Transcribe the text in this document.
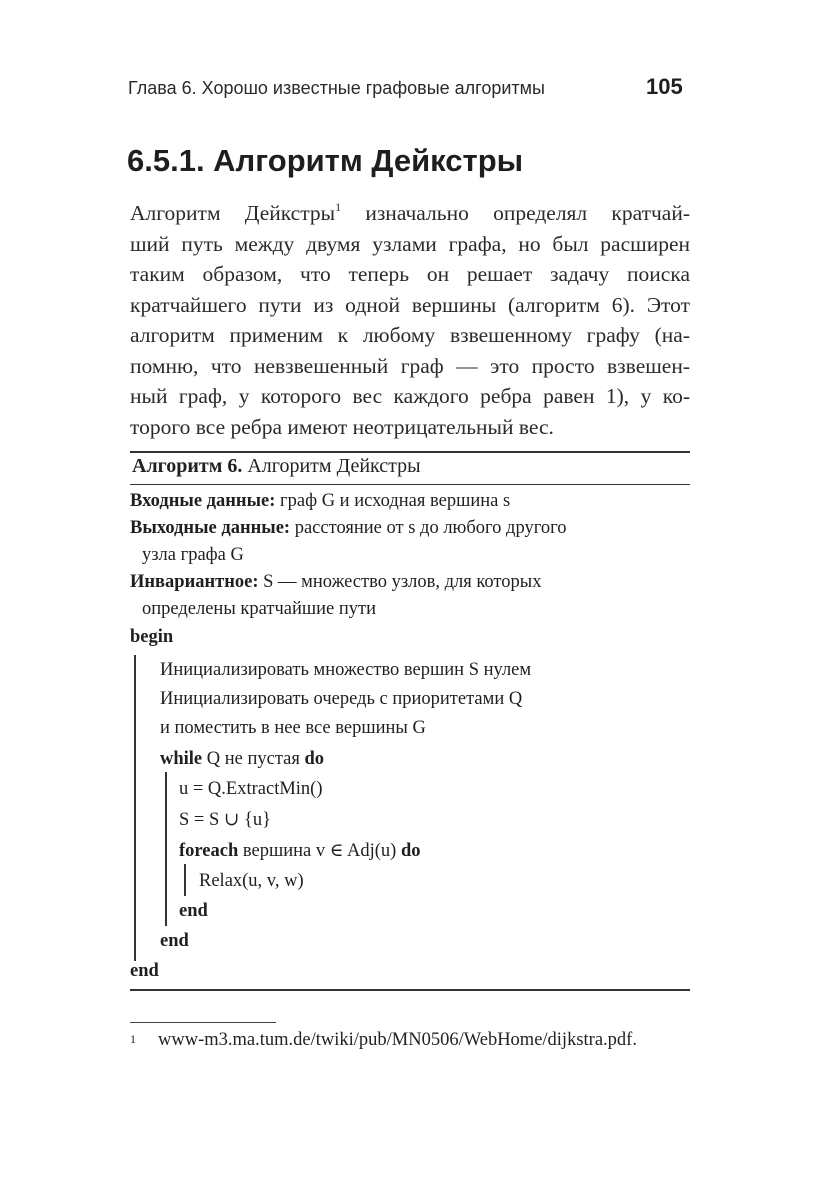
Глава 6. Хорошо известные графовые алгоритмы	105
6.5.1. Алгоритм Дейкстры
Алгоритм Дейкстры$^1$ изначально определял кратчай-
ший путь между двумя узлами графа, но был расширен
таким образом, что теперь он решает задачу поиска
кратчайшего пути из одной вершины (алгоритм 6). Этот
алгоритм применим к любому взвешенному графу (на-
помню, что невзвешенный граф — это просто взвешен-
ный граф, у которого вес каждого ребра равен 1), у ко-
торого все ребра имеют неотрицательный вес.
Алгоритм 6. Алгоритм Дейкстры
Входные данные: граф G и исходная вершина s
Выходные данные: расстояние от s до любого другого
узла графа G
Инвариантное: S — множество узлов, для которых
определены кратчайшие пути
begin
Инициализировать множество вершин S нулем
Инициализировать очередь с приоритетами Q
и поместить в нее все вершины G
while Q не пустая do
u = Q.ExtractMin()
S = S ∪ {u}
foreach вершина v ∈ Adj(u) do
Relax(u, v, w)
end
end
end
1 www-m3.ma.tum.de/twiki/pub/MN0506/WebHome/dijkstra.pdf.
